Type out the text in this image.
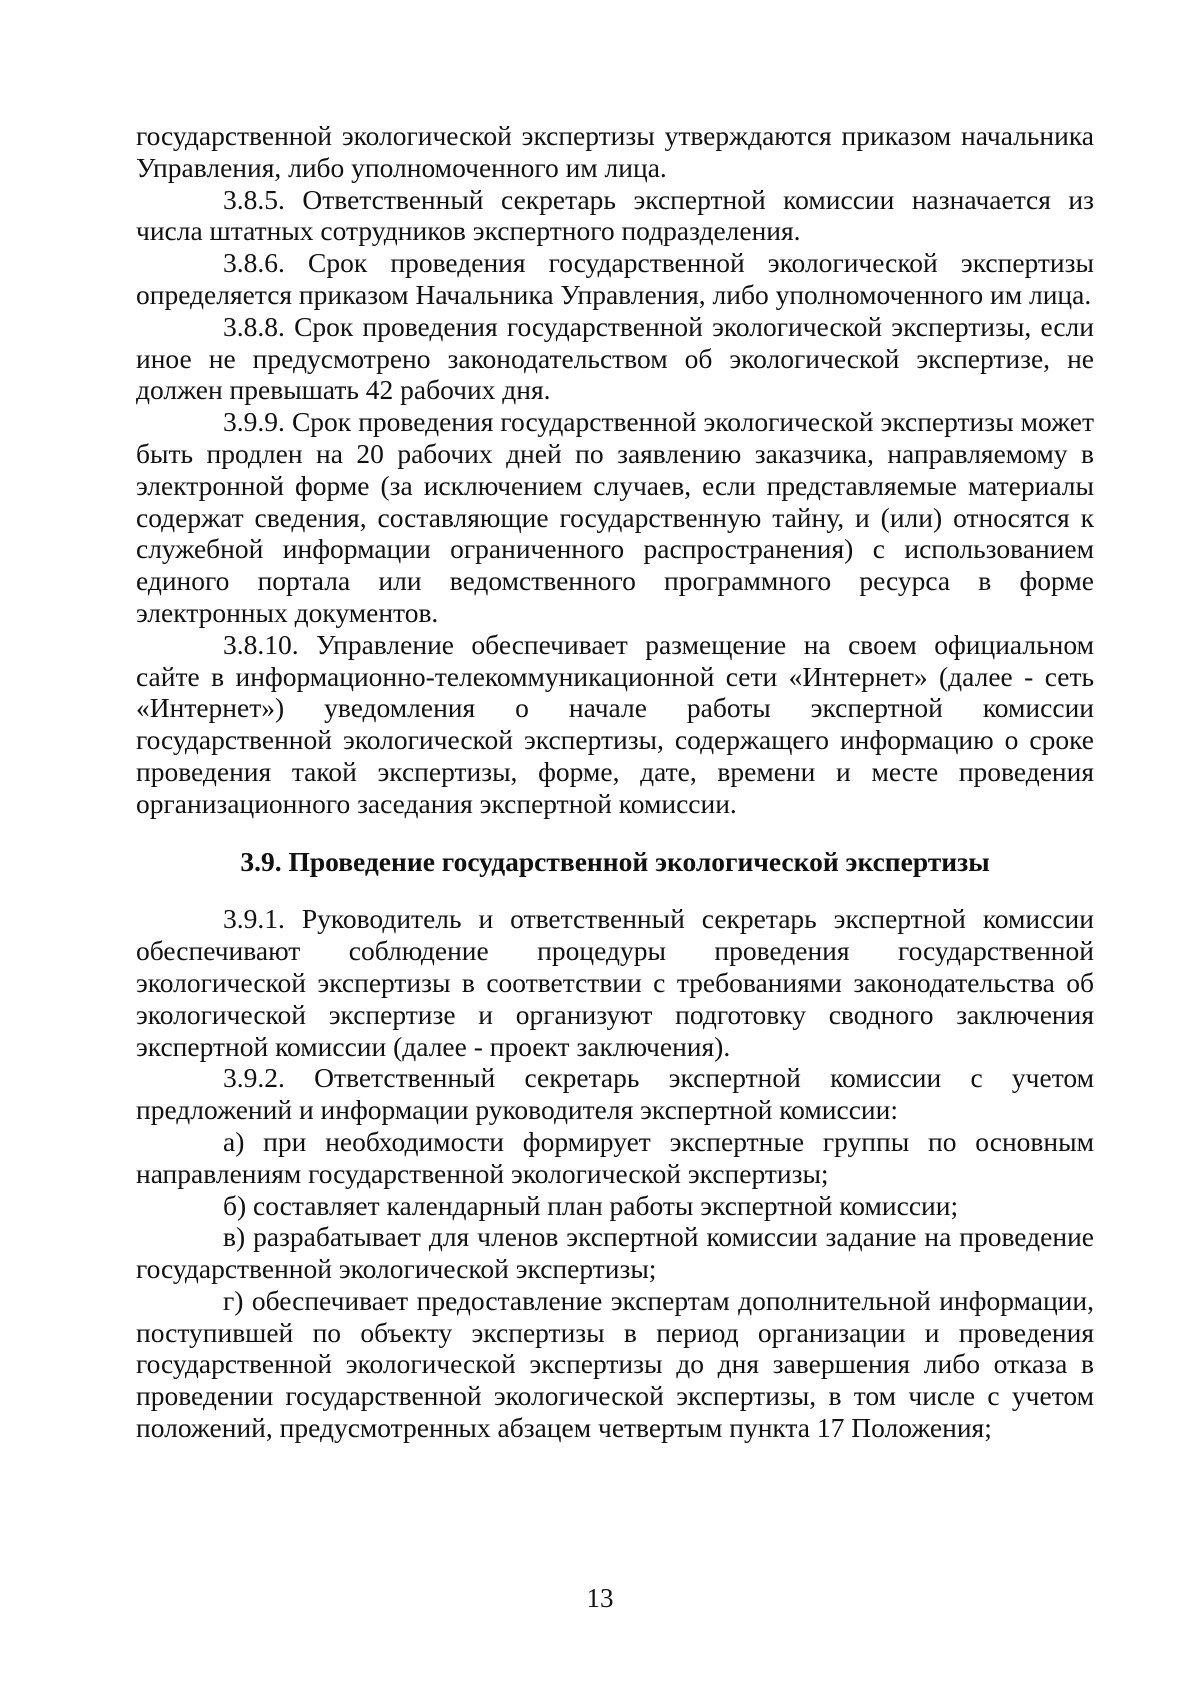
государственной экологической экспертизы утверждаются приказом начальника Управления, либо уполномоченного им лица.

3.8.5. Ответственный секретарь экспертной комиссии назначается из числа штатных сотрудников экспертного подразделения.

3.8.6. Срок проведения государственной экологической экспертизы определяется приказом Начальника Управления, либо уполномоченного им лица.

3.8.8. Срок проведения государственной экологической экспертизы, если иное не предусмотрено законодательством об экологической экспертизе, не должен превышать 42 рабочих дня.

3.9.9. Срок проведения государственной экологической экспертизы может быть продлен на 20 рабочих дней по заявлению заказчика, направляемому в электронной форме (за исключением случаев, если представляемые материалы содержат сведения, составляющие государственную тайну, и (или) относятся к служебной информации ограниченного распространения) с использованием единого портала или ведомственного программного ресурса в форме электронных документов.

3.8.10. Управление обеспечивает размещение на своем официальном сайте в информационно-телекоммуникационной сети «Интернет» (далее - сеть «Интернет») уведомления о начале работы экспертной комиссии государственной экологической экспертизы, содержащего информацию о сроке проведения такой экспертизы, форме, дате, времени и месте проведения организационного заседания экспертной комиссии.

3.9. Проведение государственной экологической экспертизы

3.9.1. Руководитель и ответственный секретарь экспертной комиссии обеспечивают соблюдение процедуры проведения государственной экологической экспертизы в соответствии с требованиями законодательства об экологической экспертизе и организуют подготовку сводного заключения экспертной комиссии (далее - проект заключения).

3.9.2. Ответственный секретарь экспертной комиссии с учетом предложений и информации руководителя экспертной комиссии:

а) при необходимости формирует экспертные группы по основным направлениям государственной экологической экспертизы;

б) составляет календарный план работы экспертной комиссии;

в) разрабатывает для членов экспертной комиссии задание на проведение государственной экологической экспертизы;

г) обеспечивает предоставление экспертам дополнительной информации, поступившей по объекту экспертизы в период организации и проведения государственной экологической экспертизы до дня завершения либо отказа в проведении государственной экологической экспертизы, в том числе с учетом положений, предусмотренных абзацем четвертым пункта 17 Положения;

13
